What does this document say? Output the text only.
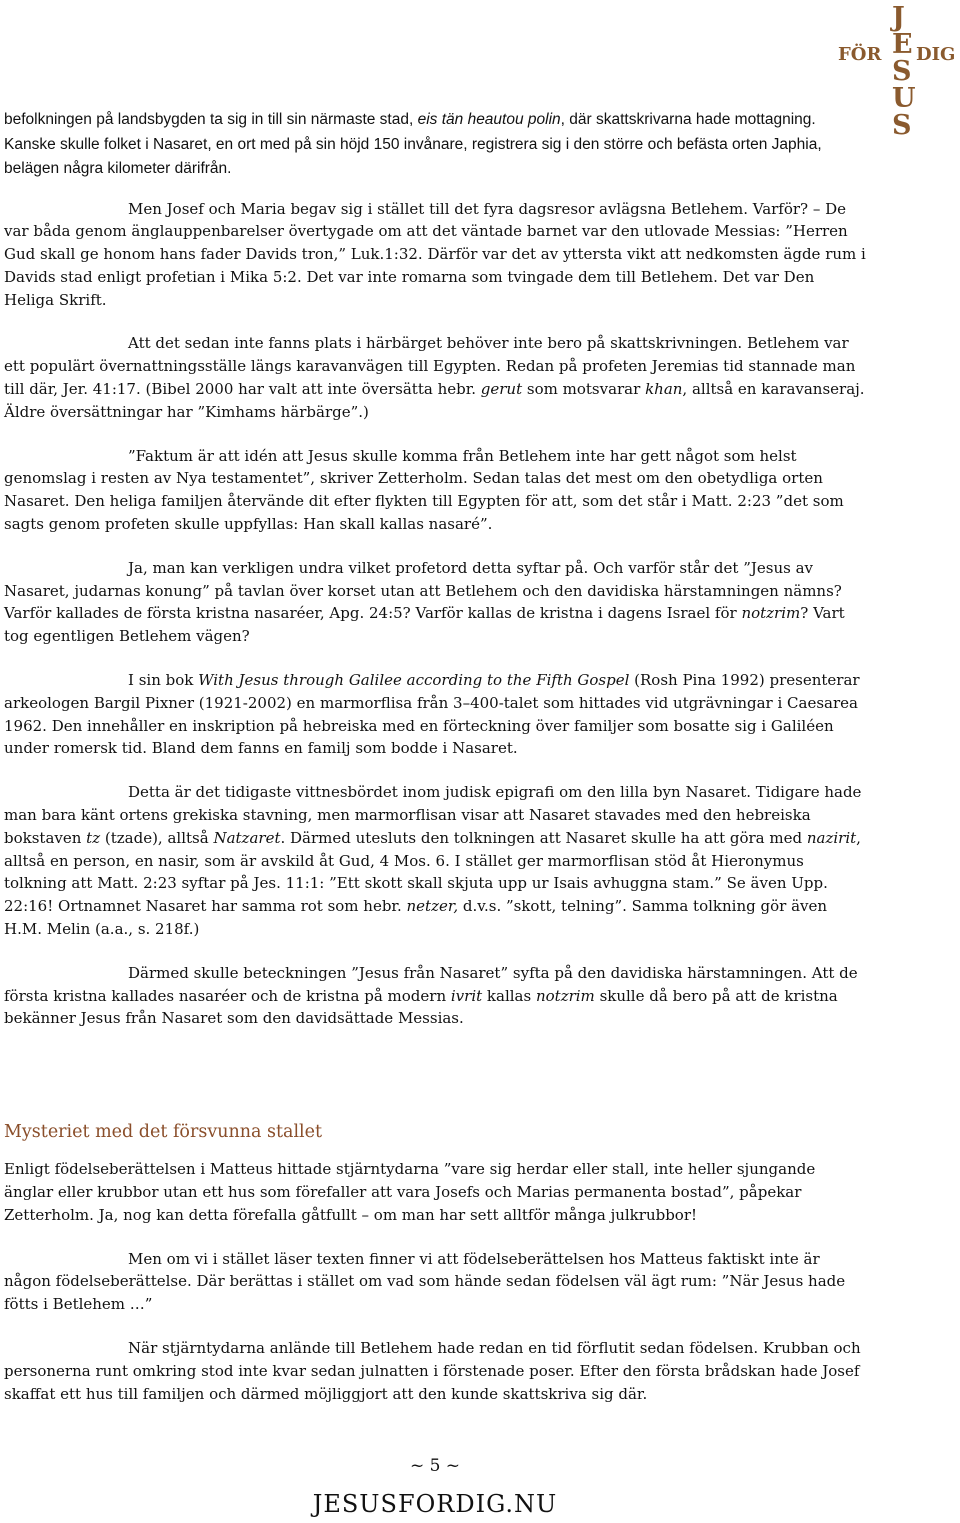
J
E
FÖR DIG
S
U
S

befolkningen på landsbygden ta sig in till sin närmaste stad, eis tän heautou polin, där skattskrivarna hade mottagning. Kanske skulle folket i Nasaret, en ort med på sin höjd 150 invånare, registrera sig i den större och befästa orten Japhia, belägen några kilometer därifrån.

Men Josef och Maria begav sig i stället till det fyra dagsresor avlägsna Betlehem. Varför? – De var båda genom änglauppenbarelser övertygade om att det väntade barnet var den utlovade Messias: ”Herren Gud skall ge honom hans fader Davids tron,” Luk.1:32. Därför var det av yttersta vikt att nedkomsten ägde rum i Davids stad enligt profetian i Mika 5:2. Det var inte romarna som tvingade dem till Betlehem. Det var Den Heliga Skrift.

Att det sedan inte fanns plats i härbärget behöver inte bero på skattskrivningen. Betlehem var ett populärt övernattningsställe längs karavanvägen till Egypten. Redan på profeten Jeremias tid stannade man till där, Jer. 41:17. (Bibel 2000 har valt att inte översätta hebr. gerut som motsvarar khan, alltså en karavanseraj. Äldre översättningar har ”Kimhams härbärge”.)

”Faktum är att idén att Jesus skulle komma från Betlehem inte har gett något som helst genomslag i resten av Nya testamentet”, skriver Zetterholm. Sedan talas det mest om den obetydliga orten Nasaret. Den heliga familjen återvände dit efter flykten till Egypten för att, som det står i Matt. 2:23 ”det som sagts genom profeten skulle uppfyllas: Han skall kallas nasaré”.

Ja, man kan verkligen undra vilket profetord detta syftar på. Och varför står det ”Jesus av Nasaret, judarnas konung” på tavlan över korset utan att Betlehem och den davidiska härstamningen nämns? Varför kallades de första kristna nasaréer, Apg. 24:5? Varför kallas de kristna i dagens Israel för notzrim? Vart tog egentligen Betlehem vägen?

I sin bok With Jesus through Galilee according to the Fifth Gospel (Rosh Pina 1992) presenterar arkeologen Bargil Pixner (1921-2002) en marmorflisa från 3–400-talet som hittades vid utgrävningar i Caesarea 1962. Den innehåller en inskription på hebreiska med en förteckning över familjer som bosatte sig i Galiléen under romersk tid. Bland dem fanns en familj som bodde i Nasaret.

Detta är det tidigaste vittnesbördet inom judisk epigrafi om den lilla byn Nasaret. Tidigare hade man bara känt ortens grekiska stavning, men marmorflisan visar att Nasaret stavades med den hebreiska bokstaven tz (tzade), alltså Natzaret. Därmed utesluts den tolkningen att Nasaret skulle ha att göra med nazirit, alltså en person, en nasir, som är avskild åt Gud, 4 Mos. 6. I stället ger marmorflisan stöd åt Hieronymus tolkning att Matt. 2:23 syftar på Jes. 11:1: ”Ett skott skall skjuta upp ur Isais avhuggna stam.” Se även Upp. 22:16! Ortnamnet Nasaret har samma rot som hebr. netzer, d.v.s. ”skott, telning”. Samma tolkning gör även H.M. Melin (a.a., s. 218f.)

Därmed skulle beteckningen ”Jesus från Nasaret” syfta på den davidiska härstamningen. Att de första kristna kallades nasaréer och de kristna på modern ivrit kallas notzrim skulle då bero på att de kristna bekänner Jesus från Nasaret som den davidsättade Messias.

Mysteriet med det försvunna stallet

Enligt födelseberättelsen i Matteus hittade stjärntydarna ”vare sig herdar eller stall, inte heller sjungande änglar eller krubbor utan ett hus som förefaller att vara Josefs och Marias permanenta bostad”, påpekar Zetterholm. Ja, nog kan detta förefalla gåtfullt – om man har sett alltför många julkrubbor!

Men om vi i stället läser texten finner vi att födelseberättelsen hos Matteus faktiskt inte är någon födelseberättelse. Där berättas i stället om vad som hände sedan födelsen väl ägt rum: ”När Jesus hade fötts i Betlehem …”

När stjärntydarna anlände till Betlehem hade redan en tid förflutit sedan födelsen. Krubban och personerna runt omkring stod inte kvar sedan julnatten i förstenade poser. Efter den första brådskan hade Josef skaffat ett hus till familjen och därmed möjliggjort att den kunde skattskriva sig där.

~ 5 ~
JESUSFORDIG.NU
